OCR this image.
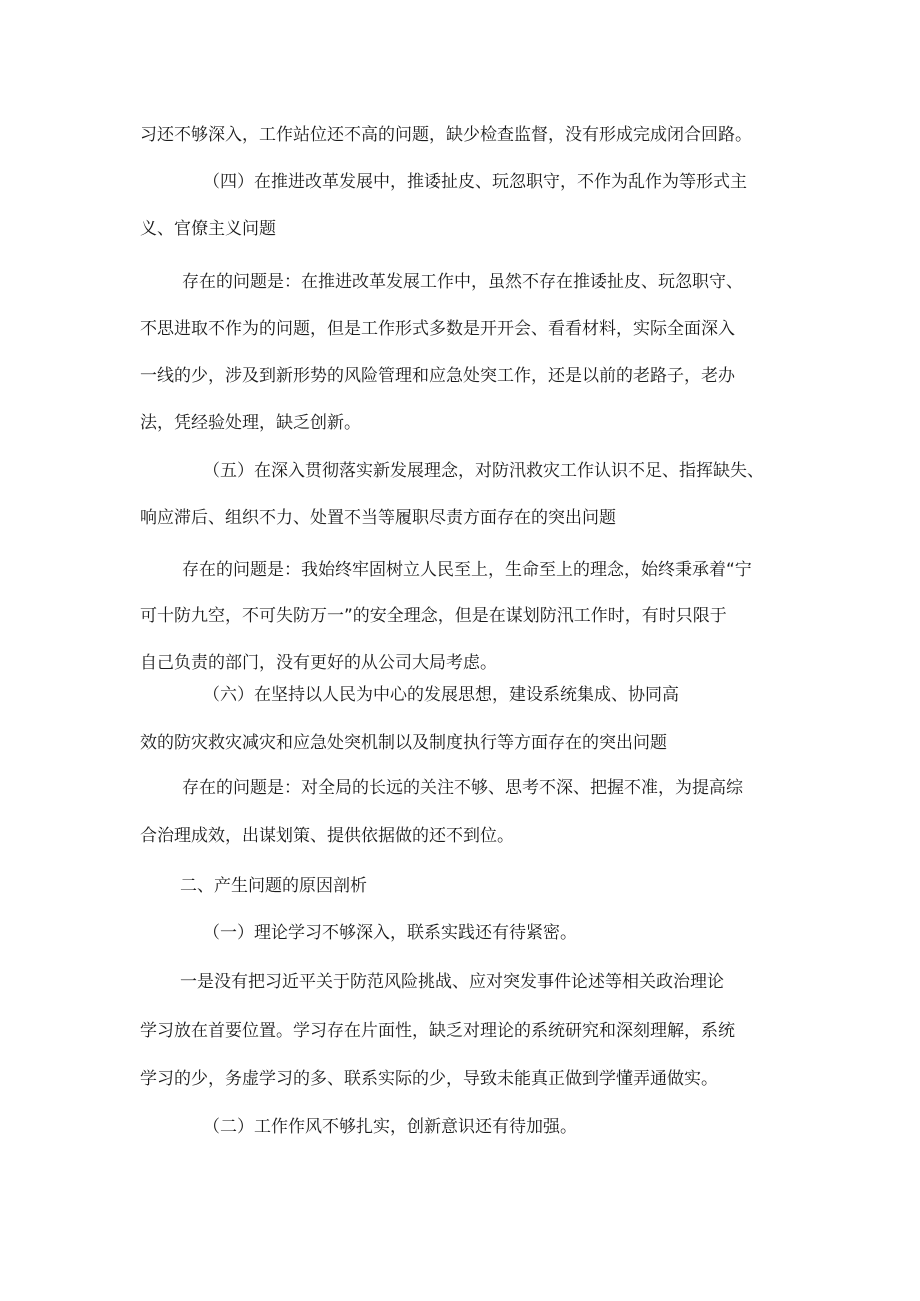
习还不够深入，工作站位还不高的问题，缺少检查监督，没有形成完成闭合回路。
（四）在推进改革发展中，推诿扯皮、玩忽职守，不作为乱作为等形式主
义、官僚主义问题
存在的问题是：在推进改革发展工作中，虽然不存在推诿扯皮、玩忽职守、
不思进取不作为的问题，但是工作形式多数是开开会、看看材料，实际全面深入
一线的少，涉及到新形势的风险管理和应急处突工作，还是以前的老路子，老办
法，凭经验处理，缺乏创新。
（五）在深入贯彻落实新发展理念，对防汛救灾工作认识不足、指挥缺失、
响应滞后、组织不力、处置不当等履职尽责方面存在的突出问题
存在的问题是：我始终牢固树立人民至上，生命至上的理念，始终秉承着“宁
可十防九空，不可失防万一”的安全理念，但是在谋划防汛工作时，有时只限于
自己负责的部门，没有更好的从公司大局考虑。
（六）在坚持以人民为中心的发展思想，建设系统集成、协同高
效的防灾救灾减灾和应急处突机制以及制度执行等方面存在的突出问题
存在的问题是：对全局的长远的关注不够、思考不深、把握不准，为提高综
合治理成效，出谋划策、提供依据做的还不到位。
二、产生问题的原因剖析
（一）理论学习不够深入，联系实践还有待紧密。
一是没有把习近平关于防范风险挑战、应对突发事件论述等相关政治理论
学习放在首要位置。学习存在片面性，缺乏对理论的系统研究和深刻理解，系统
学习的少，务虚学习的多、联系实际的少，导致未能真正做到学懂弄通做实。
（二）工作作风不够扎实，创新意识还有待加强。
